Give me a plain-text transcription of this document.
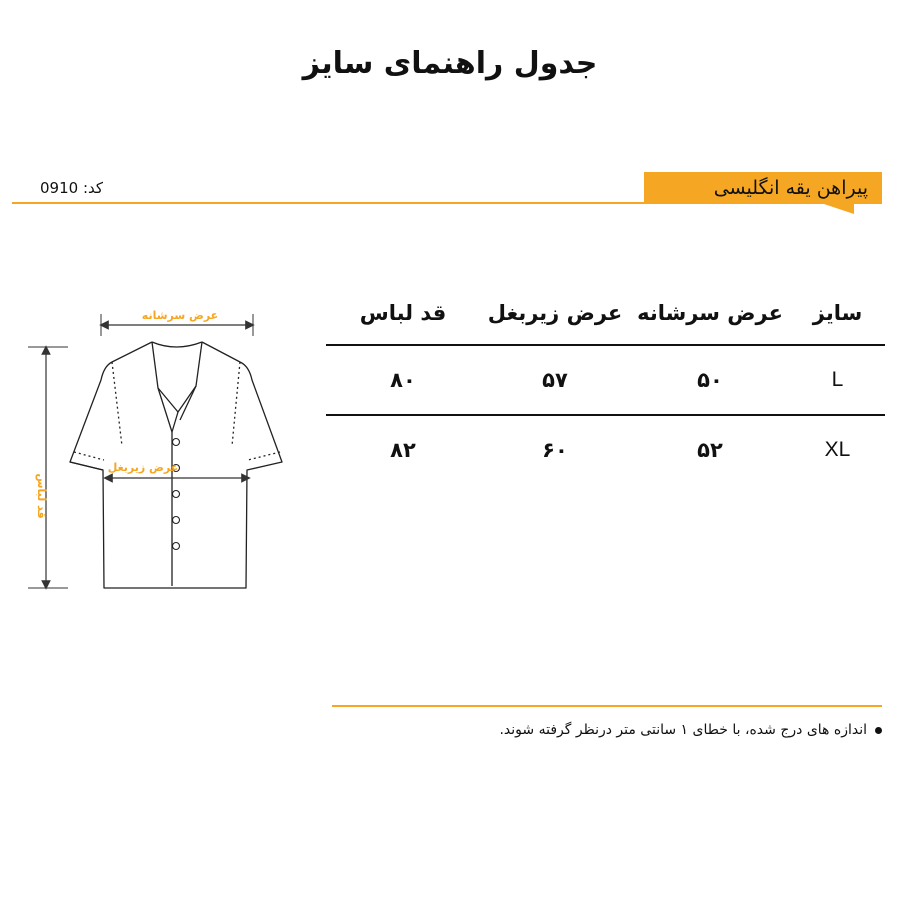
جدول راهنمای سایز
کد: 0910	پیراهن یقه انگلیسی
سایز	عرض سرشانه	عرض زیربغل	قد لباس
L	۵۰	۵۷	۸۰
XL	۵۲	۶۰	۸۲
عرض سرشانه
قد لباس
عرض زیربغل
اندازه های درج شده، با خطای ۱ سانتی متر درنظر گرفته شوند.
